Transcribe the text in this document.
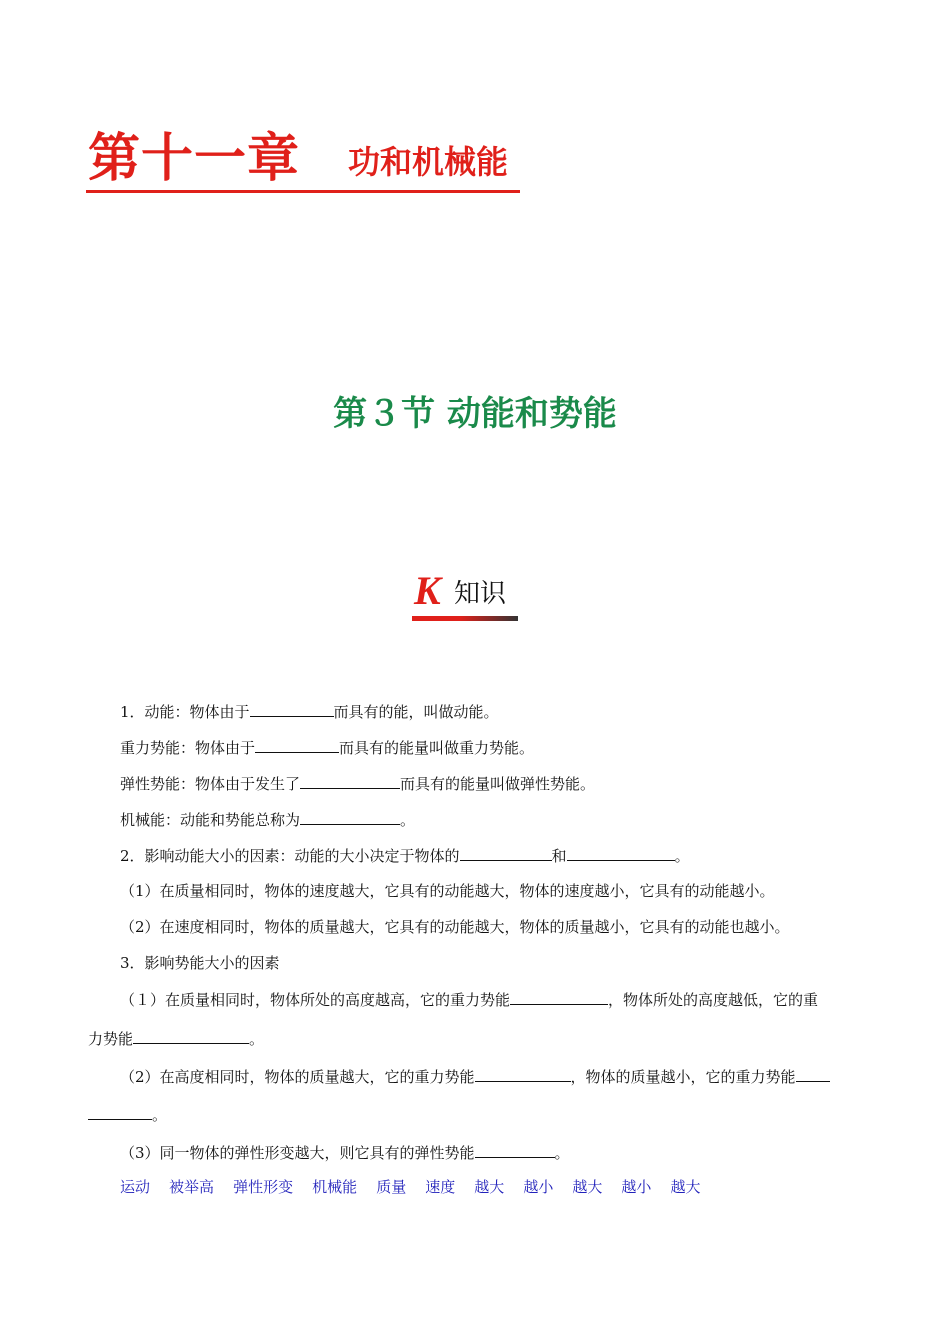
第十一章 功和机械能
第３节 动能和势能
K 知识
1．动能：物体由于	而具有的能，叫做动能。
重力势能：物体由于	而具有的能量叫做重力势能。
弹性势能：物体由于发生了	而具有的能量叫做弹性势能。
机械能：动能和势能总称为	。
2．影响动能大小的因素：动能的大小决定于物体的	和	。
（1）在质量相同时，物体的速度越大，它具有的动能越大，物体的速度越小，它具有的动能越小。
（2）在速度相同时，物体的质量越大，它具有的动能越大，物体的质量越小，它具有的动能也越小。
3．影响势能大小的因素
（１）在质量相同时，物体所处的高度越高，它的重力势能	，物体所处的高度越低，它的重
力势能	。
（2）在高度相同时，物体的质量越大，它的重力势能	，物体的质量越小，它的重力势能
。
（3）同一物体的弹性形变越大，则它具有的弹性势能	。
运动 被举高 弹性形变 机械能 质量 速度 越大 越小 越大 越小 越大
